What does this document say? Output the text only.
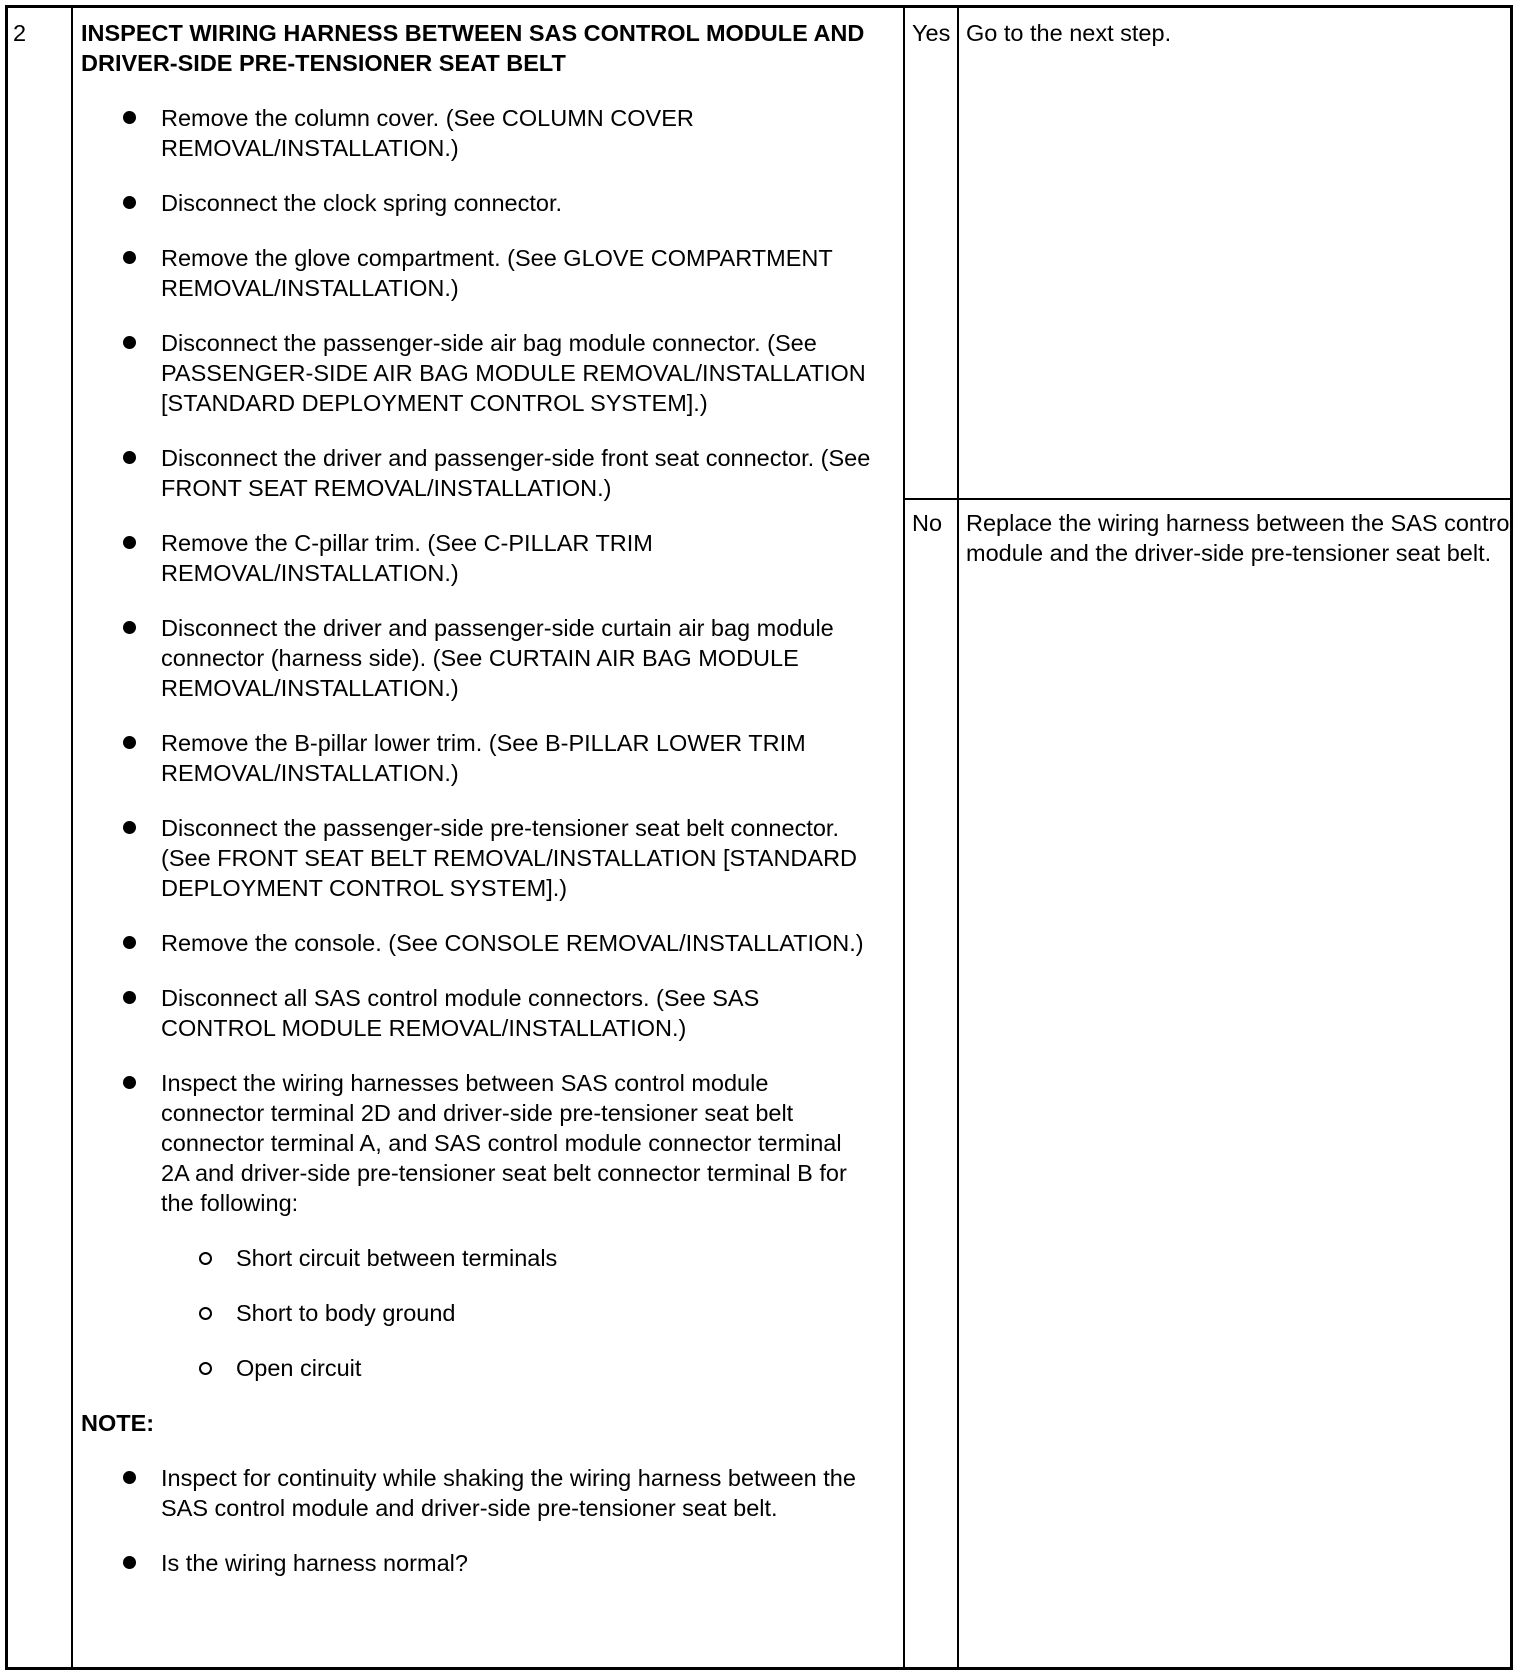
2 INSPECT WIRING HARNESS BETWEEN SAS CONTROL MODULE AND DRIVER-SIDE PRE-TENSIONER SEAT BELT
Remove the column cover. (See COLUMN COVER REMOVAL/INSTALLATION.)
Disconnect the clock spring connector.
Remove the glove compartment. (See GLOVE COMPARTMENT REMOVAL/INSTALLATION.)
Disconnect the passenger-side air bag module connector. (See PASSENGER-SIDE AIR BAG MODULE REMOVAL/INSTALLATION [STANDARD DEPLOYMENT CONTROL SYSTEM].)
Disconnect the driver and passenger-side front seat connector. (See FRONT SEAT REMOVAL/INSTALLATION.)
Remove the C-pillar trim. (See C-PILLAR TRIM REMOVAL/INSTALLATION.)
Disconnect the driver and passenger-side curtain air bag module connector (harness side). (See CURTAIN AIR BAG MODULE REMOVAL/INSTALLATION.)
Remove the B-pillar lower trim. (See B-PILLAR LOWER TRIM REMOVAL/INSTALLATION.)
Disconnect the passenger-side pre-tensioner seat belt connector. (See FRONT SEAT BELT REMOVAL/INSTALLATION [STANDARD DEPLOYMENT CONTROL SYSTEM].)
Remove the console. (See CONSOLE REMOVAL/INSTALLATION.)
Disconnect all SAS control module connectors. (See SAS CONTROL MODULE REMOVAL/INSTALLATION.)
Inspect the wiring harnesses between SAS control module connector terminal 2D and driver-side pre-tensioner seat belt connector terminal A, and SAS control module connector terminal 2A and driver-side pre-tensioner seat belt connector terminal B for the following:
Short circuit between terminals
Short to body ground
Open circuit
NOTE:
Inspect for continuity while shaking the wiring harness between the SAS control module and driver-side pre-tensioner seat belt.
Is the wiring harness normal?
Yes Go to the next step.
No Replace the wiring harness between the SAS control module and the driver-side pre-tensioner seat belt.
